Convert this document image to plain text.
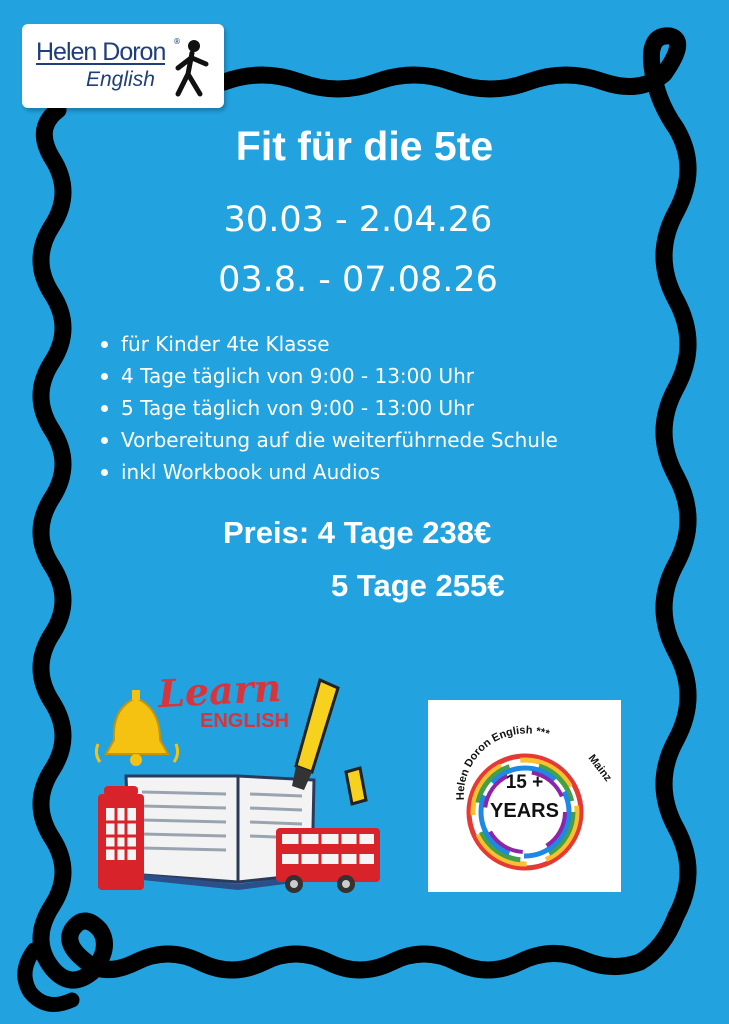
Helen Doron ®
English
Fit für die 5te
30.03 - 2.04.26
03.8. - 07.08.26
für Kinder 4te Klasse
4 Tage täglich von 9:00 - 13:00 Uhr
5 Tage täglich von 9:00 - 13:00 Uhr
Vorbereitung auf die weiterführnede Schule
inkl Workbook und Audios
Preis: 4 Tage 238€
5 Tage 255€
Learn
ENGLISH
Helen Doron English ***
Mainz
15 +
YEARS
